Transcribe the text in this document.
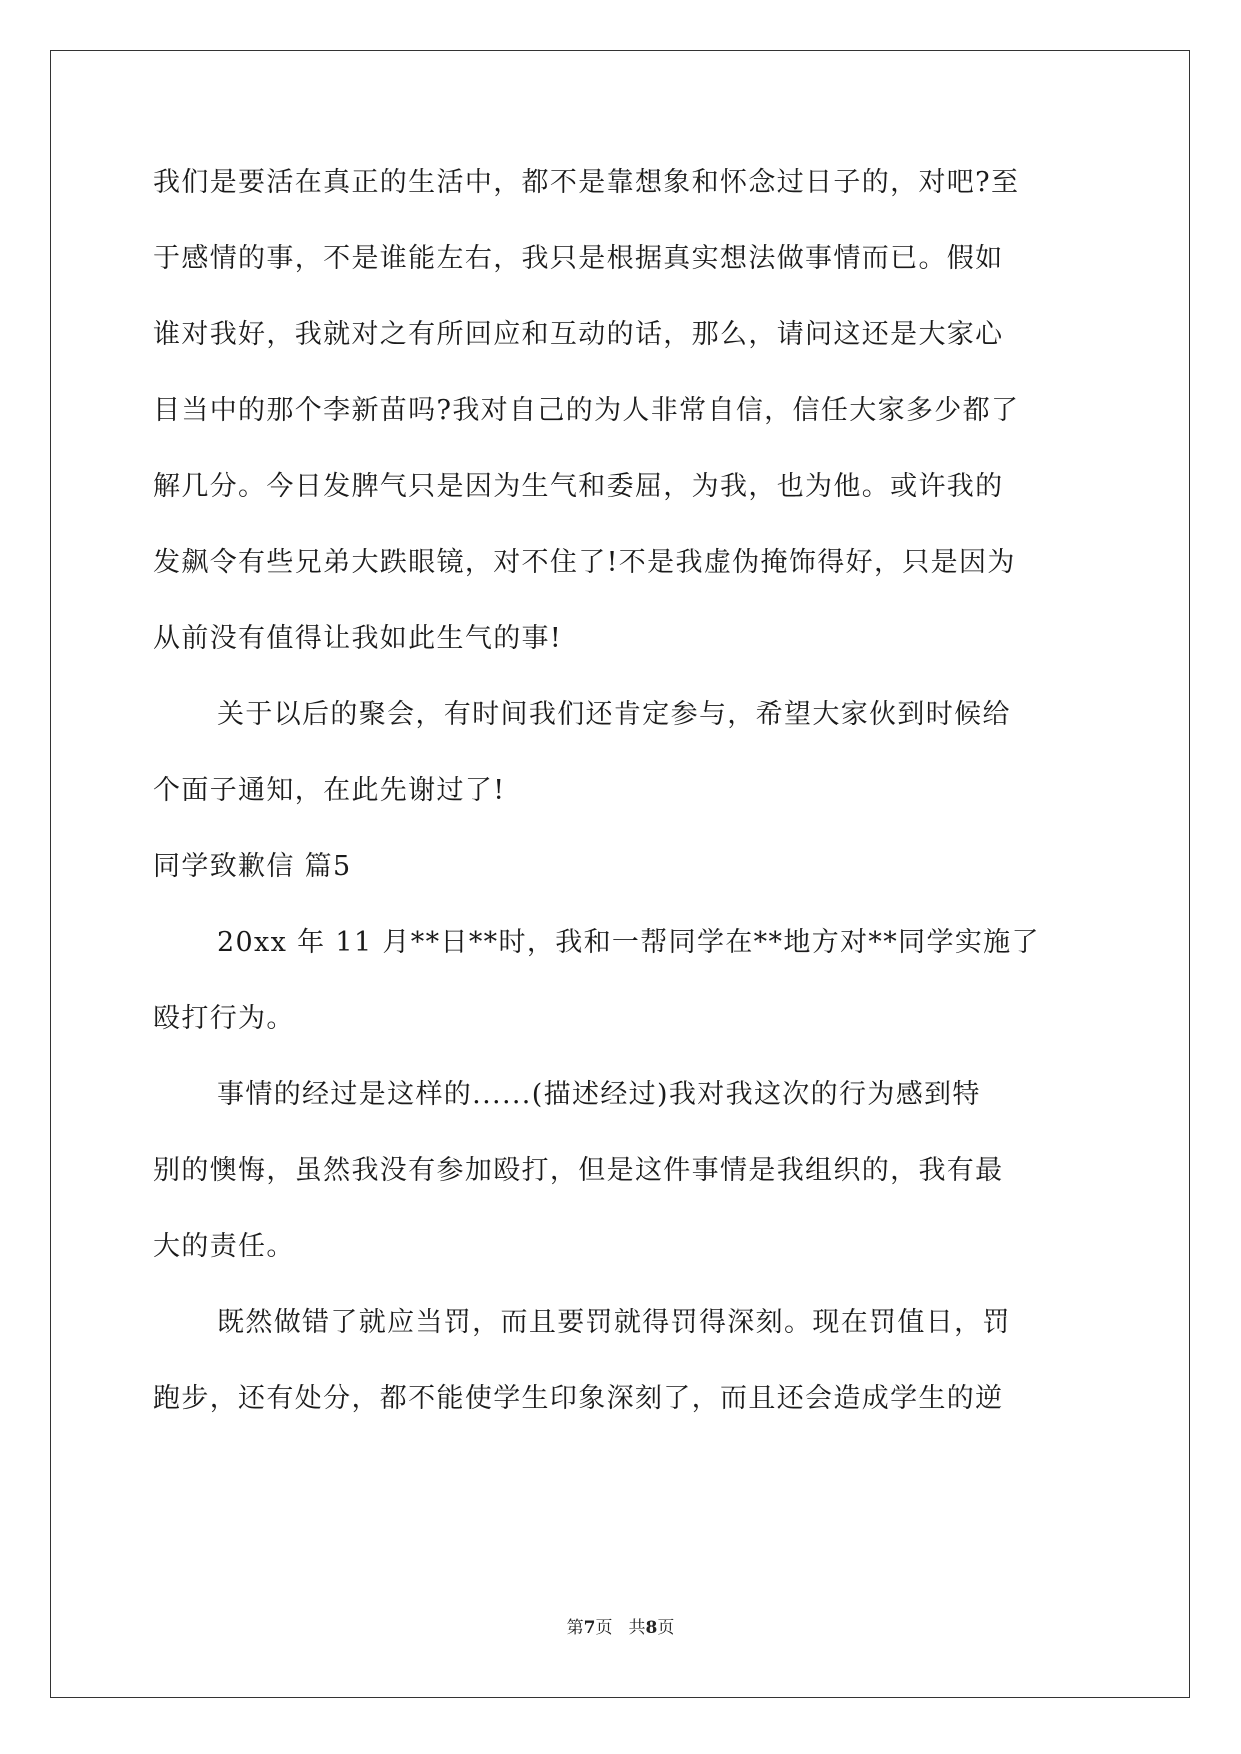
我们是要活在真正的生活中，都不是靠想象和怀念过日子的，对吧?至
于感情的事，不是谁能左右，我只是根据真实想法做事情而已。假如
谁对我好，我就对之有所回应和互动的话，那么，请问这还是大家心
目当中的那个李新苗吗?我对自己的为人非常自信，信任大家多少都了
解几分。今日发脾气只是因为生气和委屈，为我，也为他。或许我的
发飙令有些兄弟大跌眼镜，对不住了!不是我虚伪掩饰得好，只是因为
从前没有值得让我如此生气的事!
关于以后的聚会，有时间我们还肯定参与，希望大家伙到时候给
个面子通知，在此先谢过了!
同学致歉信 篇5
20xx 年 11 月**日**时，我和一帮同学在**地方对**同学实施了
殴打行为。
事情的经过是这样的......(描述经过)我对我这次的行为感到特
别的懊悔，虽然我没有参加殴打，但是这件事情是我组织的，我有最
大的责任。
既然做错了就应当罚，而且要罚就得罚得深刻。现在罚值日，罚
跑步，还有处分，都不能使学生印象深刻了，而且还会造成学生的逆
第7页 共8页
